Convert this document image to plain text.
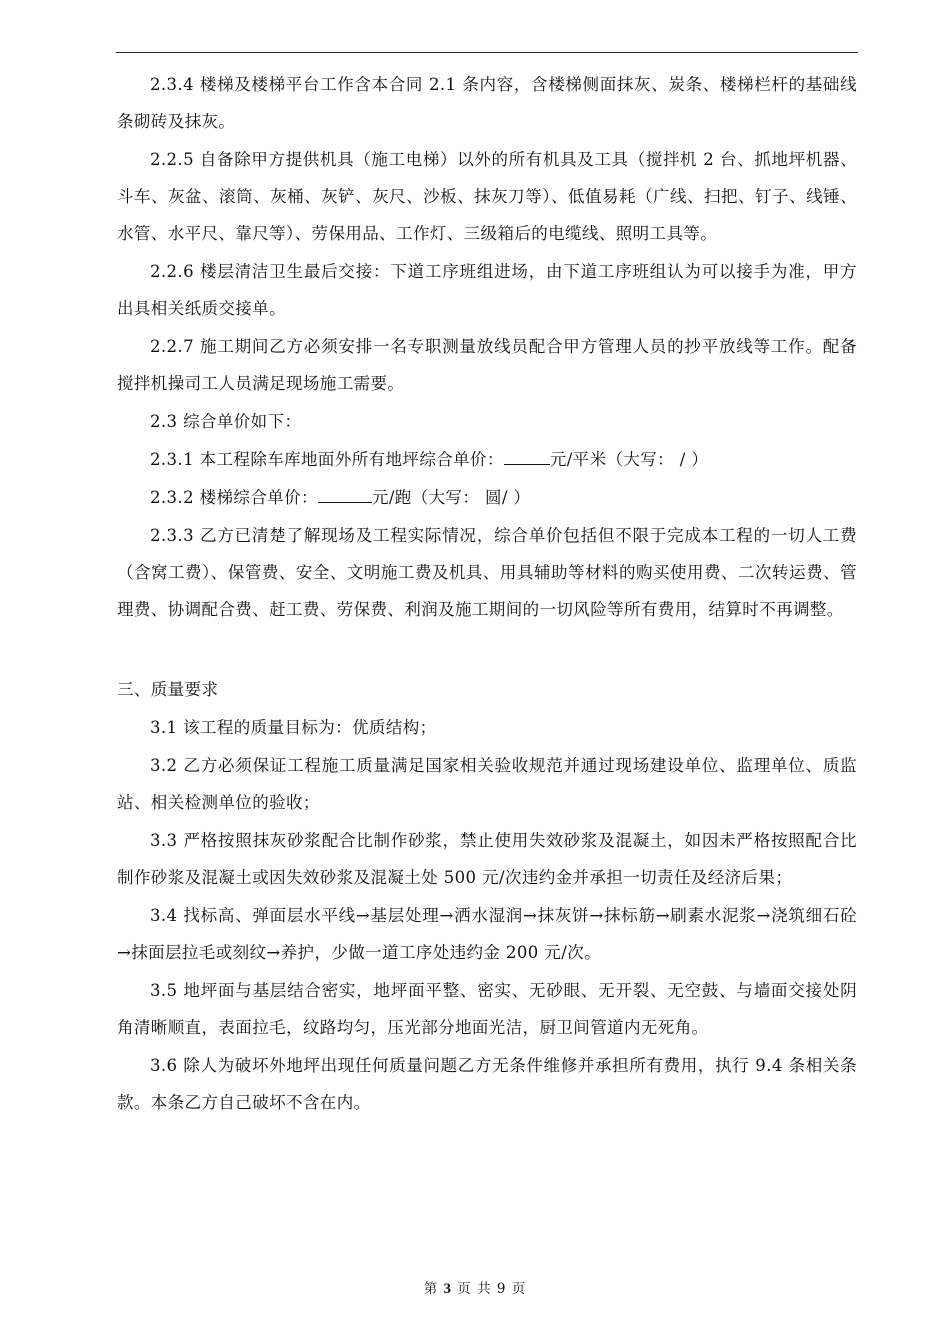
2.3.4 楼梯及楼梯平台工作含本合同 2.1 条内容，含楼梯侧面抹灰、炭条、楼梯栏杆的基础线条砌砖及抹灰。

2.2.5 自备除甲方提供机具（施工电梯）以外的所有机具及工具（搅拌机 2 台、抓地坪机器、斗车、灰盆、滚筒、灰桶、灰铲、灰尺、沙板、抹灰刀等）、低值易耗（广线、扫把、钉子、线锤、水管、水平尺、靠尺等）、劳保用品、工作灯、三级箱后的电缆线、照明工具等。

2.2.6 楼层清洁卫生最后交接：下道工序班组进场，由下道工序班组认为可以接手为准，甲方出具相关纸质交接单。

2.2.7 施工期间乙方必须安排一名专职测量放线员配合甲方管理人员的抄平放线等工作。配备搅拌机操司工人员满足现场施工需要。

2.3 综合单价如下：

2.3.1 本工程除车库地面外所有地坪综合单价：	元/平米（大写： / ）

2.3.2 楼梯综合单价：	元/跑（大写： 圆/ ）

2.3.3 乙方已清楚了解现场及工程实际情况，综合单价包括但不限于完成本工程的一切人工费（含窝工费）、保管费、安全、文明施工费及机具、用具辅助等材料的购买使用费、二次转运费、管理费、协调配合费、赶工费、劳保费、利润及施工期间的一切风险等所有费用，结算时不再调整。

三、质量要求

3.1 该工程的质量目标为：优质结构；

3.2 乙方必须保证工程施工质量满足国家相关验收规范并通过现场建设单位、监理单位、质监站、相关检测单位的验收；

3.3 严格按照抹灰砂浆配合比制作砂浆，禁止使用失效砂浆及混凝土，如因未严格按照配合比制作砂浆及混凝土或因失效砂浆及混凝土处 500 元/次违约金并承担一切责任及经济后果；

3.4 找标高、弹面层水平线→基层处理→洒水湿润→抹灰饼→抹标筋→刷素水泥浆→浇筑细石砼→抹面层拉毛或刻纹→养护，少做一道工序处违约金 200 元/次。

3.5 地坪面与基层结合密实，地坪面平整、密实、无砂眼、无开裂、无空鼓、与墙面交接处阴角清晰顺直，表面拉毛，纹路均匀，压光部分地面光洁，厨卫间管道内无死角。

3.6 除人为破坏外地坪出现任何质量问题乙方无条件维修并承担所有费用，执行 9.4 条相关条款。本条乙方自己破坏不含在内。

第 3 页 共 9 页
